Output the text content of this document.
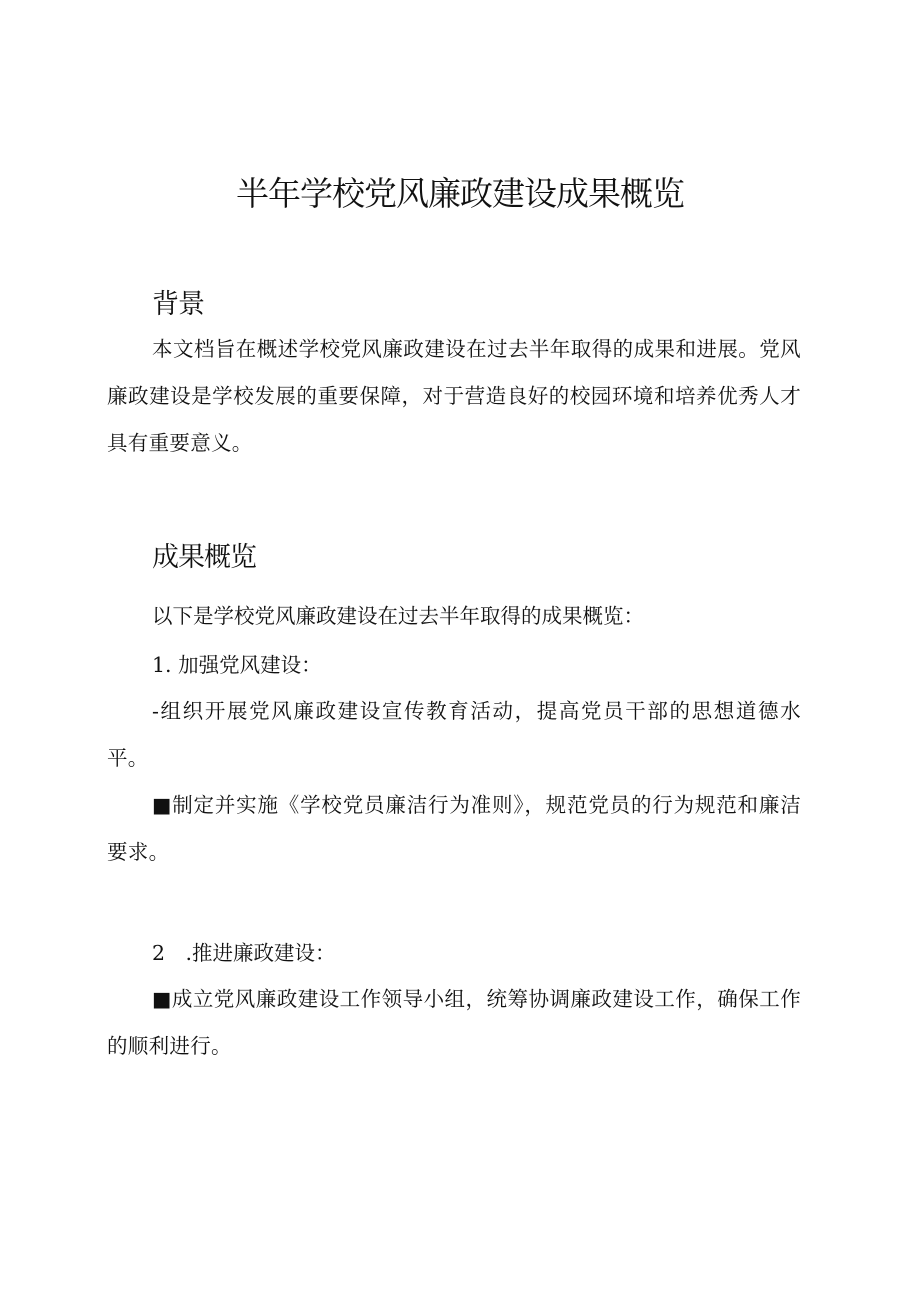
半年学校党风廉政建设成果概览
背景

本文档旨在概述学校党风廉政建设在过去半年取得的成果和进展。党风廉政建设是学校发展的重要保障，对于营造良好的校园环境和培养优秀人才具有重要意义。

成果概览

以下是学校党风廉政建设在过去半年取得的成果概览：

1. 加强党风建设：

-组织开展党风廉政建设宣传教育活动，提高党员干部的思想道德水平。

■制定并实施《学校党员廉洁行为准则》，规范党员的行为规范和廉洁要求。

2　.推进廉政建设：

■成立党风廉政建设工作领导小组，统筹协调廉政建设工作，确保工作的顺利进行。
